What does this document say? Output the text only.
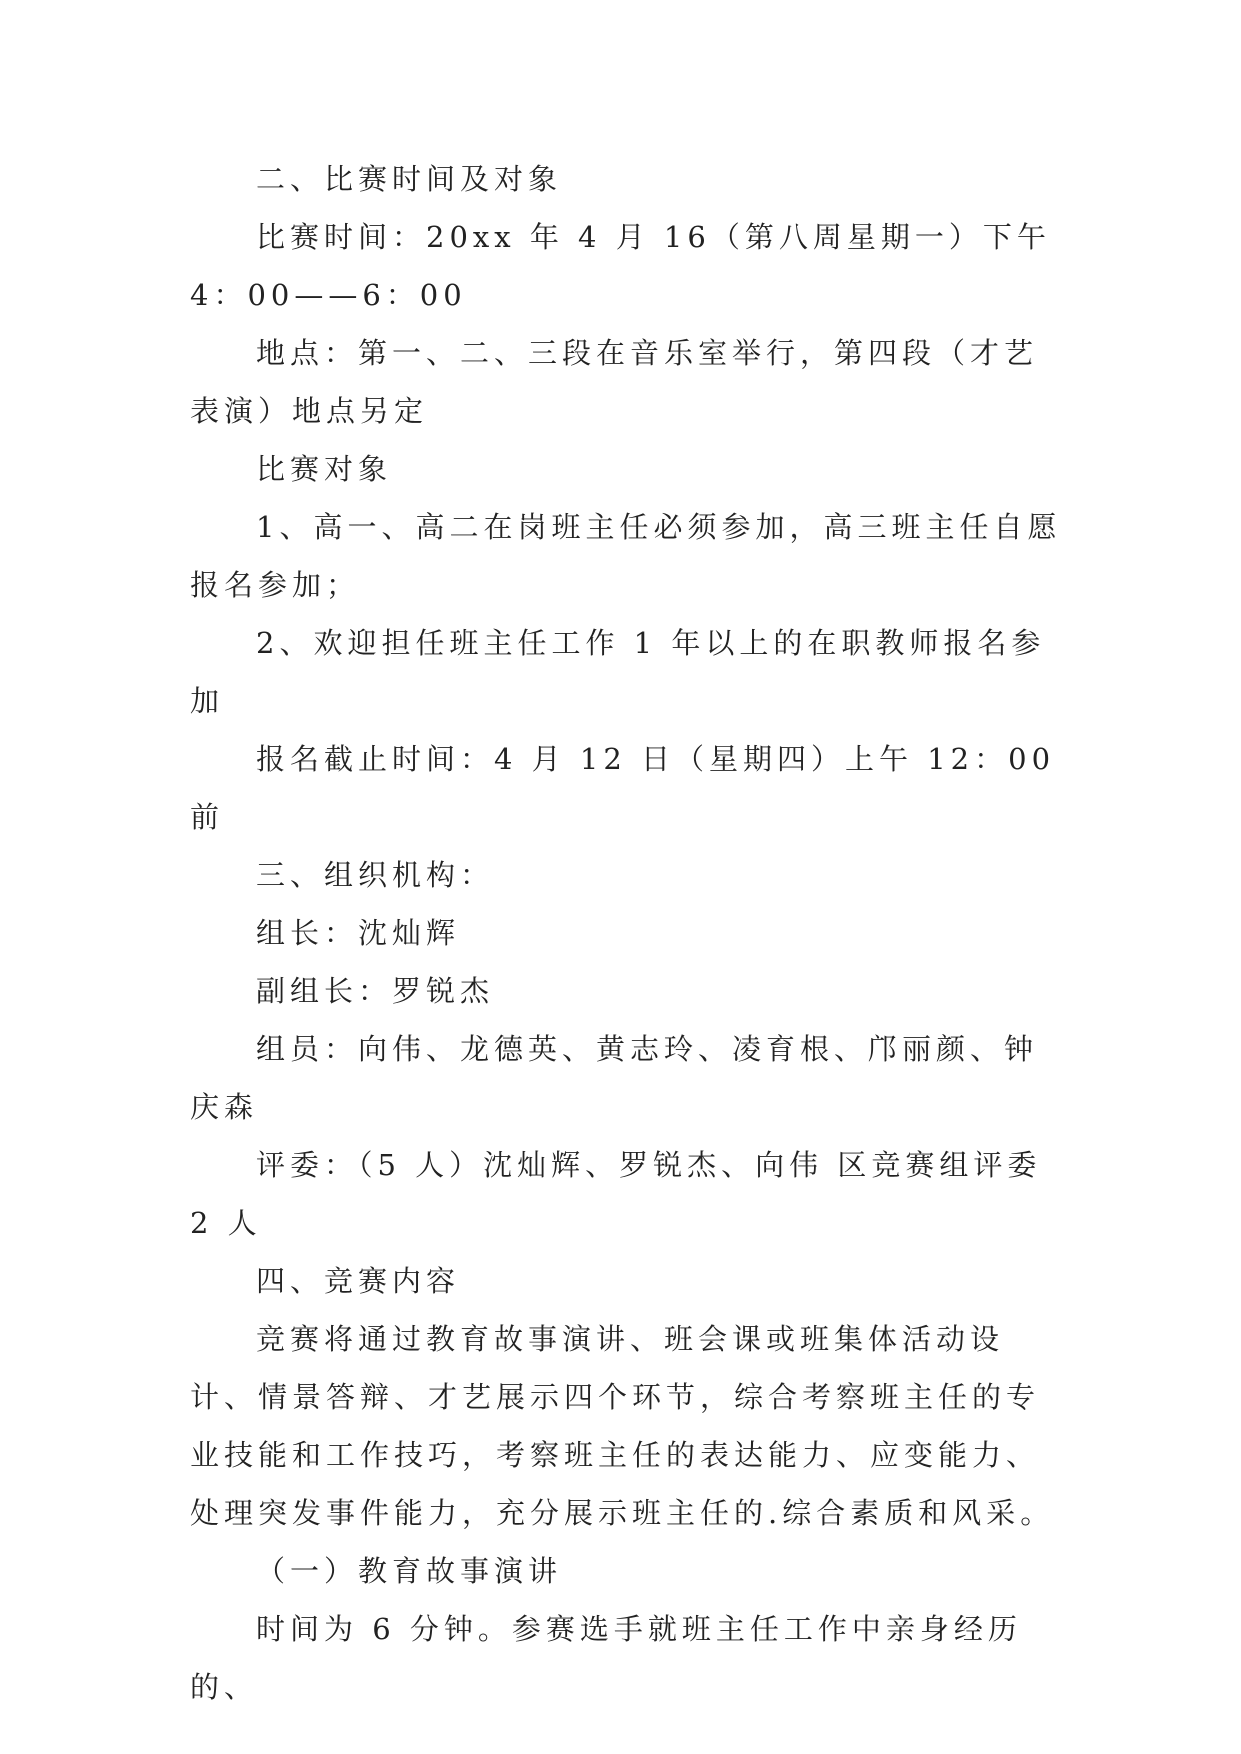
二、比赛时间及对象

比赛时间：20xx 年 4 月 16（第八周星期一）下午 4：00——6：00

地点：第一、二、三段在音乐室举行，第四段（才艺表演）地点另定

比赛对象

1、高一、高二在岗班主任必须参加，高三班主任自愿报名参加；

2、欢迎担任班主任工作 1 年以上的在职教师报名参加

报名截止时间：4 月 12 日（星期四）上午 12：00 前

三、组织机构：

组长：沈灿辉

副组长：罗锐杰

组员：向伟、龙德英、黄志玲、凌育根、邝丽颜、钟庆森

评委：（5 人）沈灿辉、罗锐杰、向伟 区竞赛组评委 2 人

四、竞赛内容

竞赛将通过教育故事演讲、班会课或班集体活动设计、情景答辩、才艺展示四个环节，综合考察班主任的专业技能和工作技巧，考察班主任的表达能力、应变能力、处理突发事件能力，充分展示班主任的.综合素质和风采。

（一）教育故事演讲

时间为 6 分钟。参赛选手就班主任工作中亲身经历的、
